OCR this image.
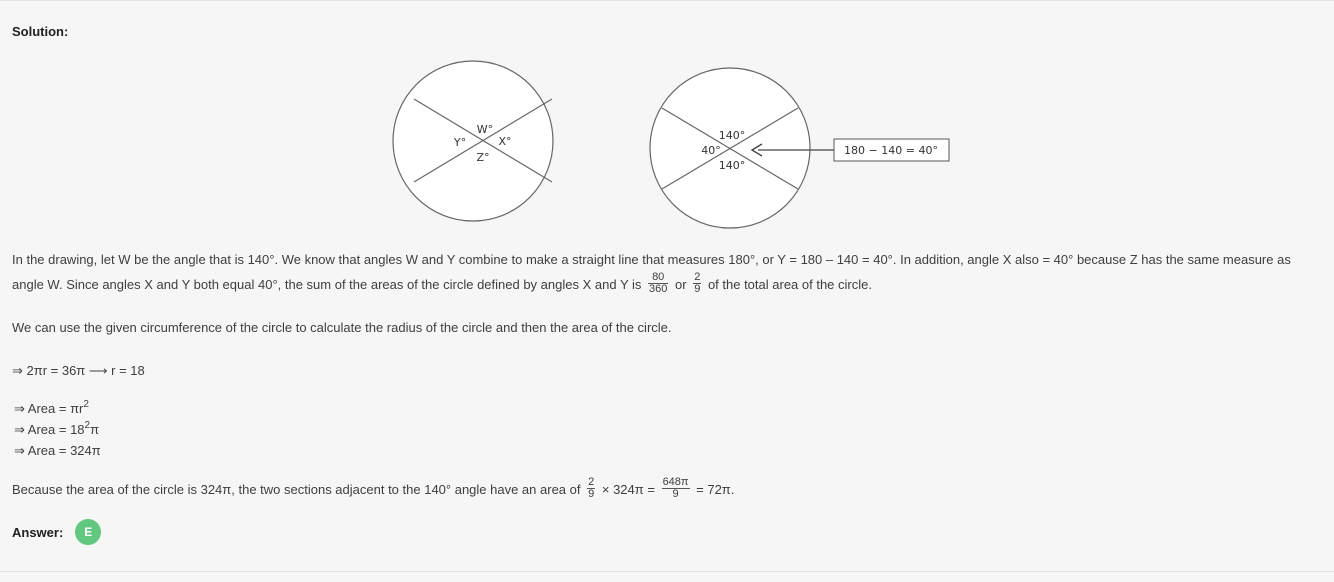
Solution:
W°
X°
Z°
Y°
140°
40°
140°
180 − 140 = 40°

In the drawing, let W be the angle that is 140°. We know that angles W and Y combine to make a straight line that measures 180°, or Y = 180 – 140 = 40°. In addition, angle X also = 40° because Z has the same measure as angle W. Since angles X and Y both equal 40°, the sum of the areas of the circle defined by angles X and Y is $\frac{80}{360}$ or $\frac{2}{9}$ of the total area of the circle.

We can use the given circumference of the circle to calculate the radius of the circle and then the area of the circle.

⇒ 2πr = 36π ⟶ r = 18

⇒ Area = $\pi r^2$
⇒ Area = $18^2\pi$
⇒ Area = 324π

Because the area of the circle is 324π, the two sections adjacent to the 140° angle have an area of $\frac{2}{9} \times 324\pi = \frac{648\pi}{9} = 72\pi$.

Answer:	E
